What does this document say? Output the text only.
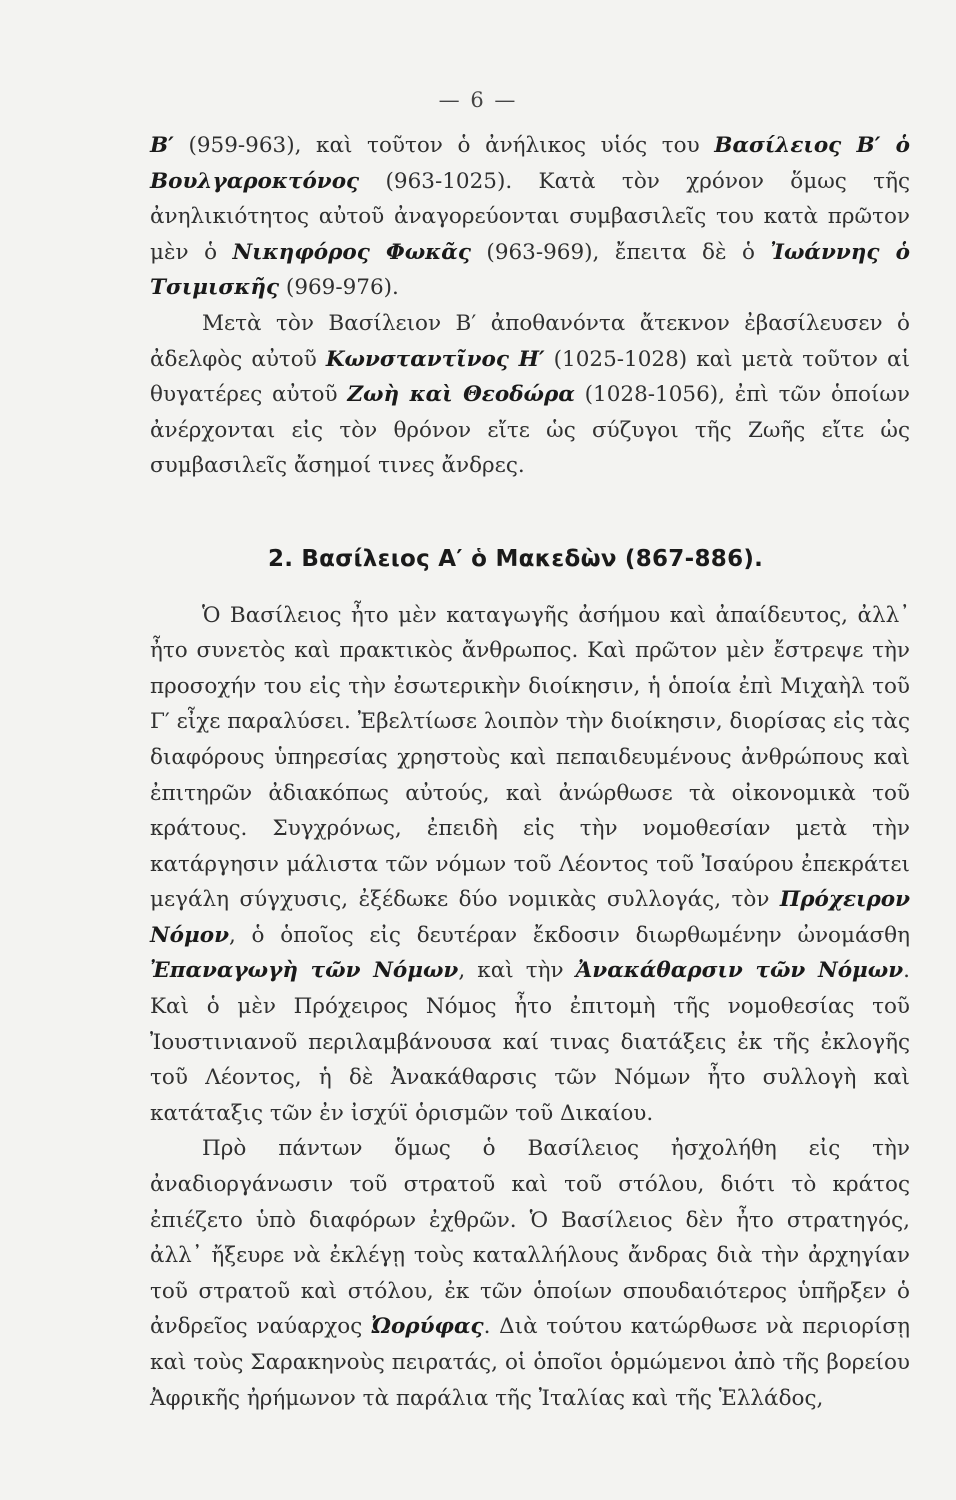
— 6 —

Β′ (959-963), καὶ τοῦτον ὁ ἀνήλικος υἱός του Βασίλειος Β′ ὁ Βουλγαροκτόνος (963-1025). Κατὰ τὸν χρόνον ὅμως τῆς ἀνηλικιότητος αὐτοῦ ἀναγορεύονται συμβασιλεῖς του κατὰ πρῶτον μὲν ὁ Νικηφόρος Φωκᾶς (963-969), ἔπειτα δὲ ὁ Ἰωάννης ὁ Τσιμισκῆς (969-976).

Μετὰ τὸν Βασίλειον Β′ ἀποθανόντα ἄτεκνον ἐβασίλευσεν ὁ ἀδελφὸς αὐτοῦ Κωνσταντῖνος Η′ (1025-1028) καὶ μετὰ τοῦτον αἱ θυγατέρες αὐτοῦ Ζωὴ καὶ Θεοδώρα (1028-1056), ἐπὶ τῶν ὁποίων ἀνέρχονται εἰς τὸν θρόνον εἴτε ὡς σύζυγοι τῆς Ζωῆς εἴτε ὡς συμβασιλεῖς ἄσημοί τινες ἄνδρες.

2. Βασίλειος Α′ ὁ Μακεδὼν (867-886).

Ὁ Βασίλειος ἦτο μὲν καταγωγῆς ἀσήμου καὶ ἀπαίδευτος, ἀλλ᾽ ἦτο συνετὸς καὶ πρακτικὸς ἄνθρωπος. Καὶ πρῶτον μὲν ἔστρεψε τὴν προσοχήν του εἰς τὴν ἐσωτερικὴν διοίκησιν, ἡ ὁποία ἐπὶ Μιχαὴλ τοῦ Γ′ εἶχε παραλύσει. Ἐβελτίωσε λοιπὸν τὴν διοίκησιν, διορίσας εἰς τὰς διαφόρους ὑπηρεσίας χρηστοὺς καὶ πεπαιδευμένους ἀνθρώπους καὶ ἐπιτηρῶν ἀδιακόπως αὐτούς, καὶ ἀνώρθωσε τὰ οἰκονομικὰ τοῦ κράτους. Συγχρόνως, ἐπειδὴ εἰς τὴν νομοθεσίαν μετὰ τὴν κατάργησιν μάλιστα τῶν νόμων τοῦ Λέοντος τοῦ Ἰσαύρου ἐπεκράτει μεγάλη σύγχυσις, ἐξέδωκε δύο νομικὰς συλλογάς, τὸν Πρόχειρον Νόμον, ὁ ὁποῖος εἰς δευτέραν ἔκδοσιν διωρθωμένην ὠνομάσθη Ἐπαναγωγὴ τῶν Νόμων, καὶ τὴν Ἀνακάθαρσιν τῶν Νόμων. Καὶ ὁ μὲν Πρόχειρος Νόμος ἦτο ἐπιτομὴ τῆς νομοθεσίας τοῦ Ἰουστινιανοῦ περιλαμβάνουσα καί τινας διατάξεις ἐκ τῆς ἐκλογῆς τοῦ Λέοντος, ἡ δὲ Ἀνακάθαρσις τῶν Νόμων ἦτο συλλογὴ καὶ κατάταξις τῶν ἐν ἰσχύϊ ὁρισμῶν τοῦ Δικαίου.

Πρὸ πάντων ὅμως ὁ Βασίλειος ἠσχολήθη εἰς τὴν ἀναδιοργάνωσιν τοῦ στρατοῦ καὶ τοῦ στόλου, διότι τὸ κράτος ἐπιέζετο ὑπὸ διαφόρων ἐχθρῶν. Ὁ Βασίλειος δὲν ἦτο στρατηγός, ἀλλ᾽ ἤξευρε νὰ ἐκλέγῃ τοὺς καταλλήλους ἄνδρας διὰ τὴν ἀρχηγίαν τοῦ στρατοῦ καὶ στόλου, ἐκ τῶν ὁποίων σπουδαιότερος ὑπῆρξεν ὁ ἀνδρεῖος ναύαρχος Ὠορύφας. Διὰ τούτου κατώρθωσε νὰ περιορίσῃ καὶ τοὺς Σαρακηνοὺς πειρατάς, οἱ ὁποῖοι ὁρμώμενοι ἀπὸ τῆς βορείου Ἀφρικῆς ἠρήμωνον τὰ παράλια τῆς Ἰταλίας καὶ τῆς Ἑλλάδος,
